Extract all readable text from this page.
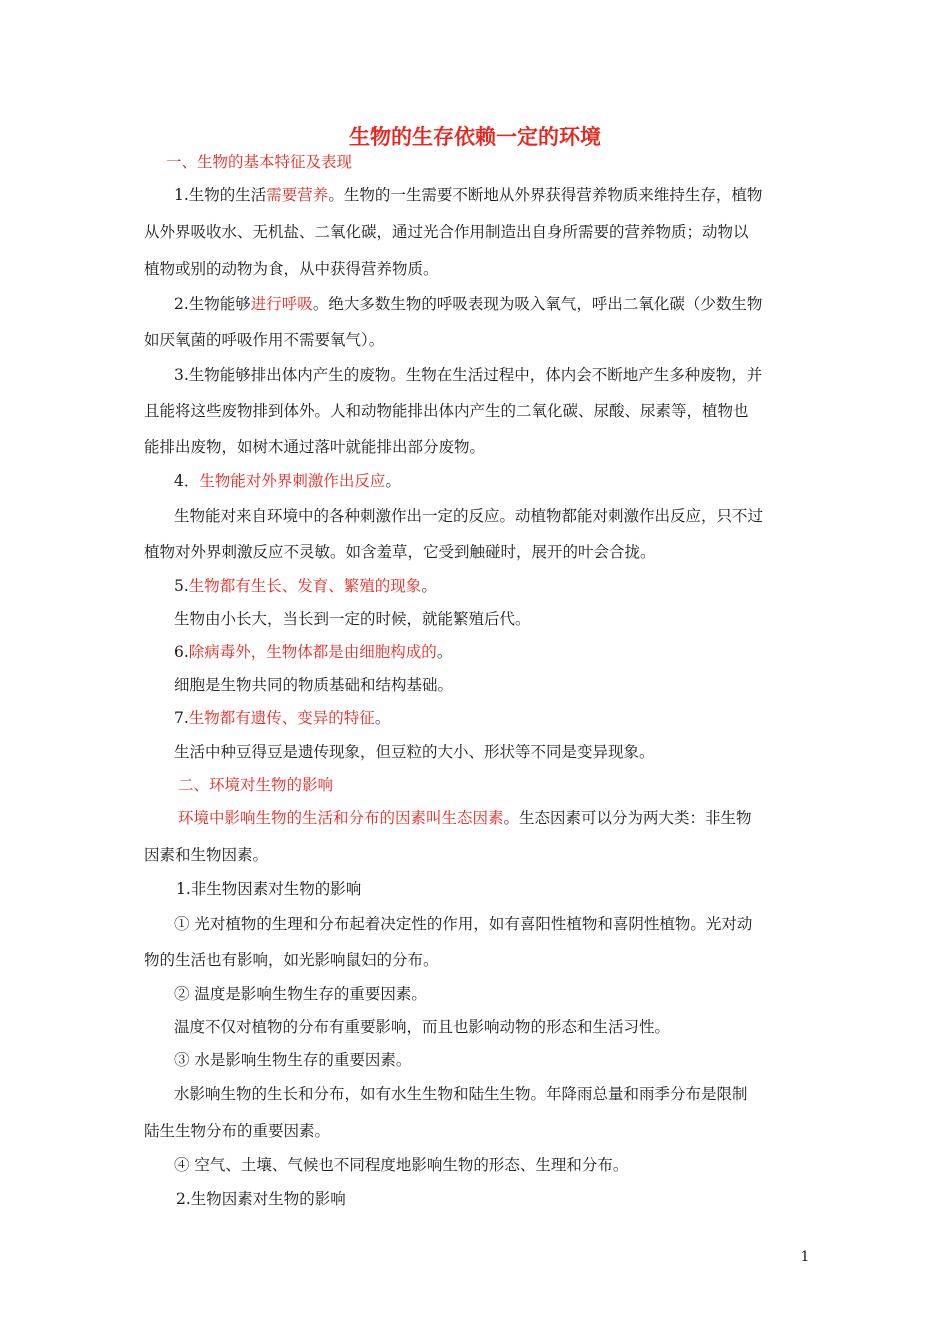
生物的生存依赖一定的环境
一、生物的基本特征及表现
1.生物的生活需要营养。生物的一生需要不断地从外界获得营养物质来维持生存，植物
从外界吸收水、无机盐、二氧化碳，通过光合作用制造出自身所需要的营养物质；动物以
植物或别的动物为食，从中获得营养物质。
2.生物能够进行呼吸。绝大多数生物的呼吸表现为吸入氧气，呼出二氧化碳（少数生物
如厌氧菌的呼吸作用不需要氧气）。
3.生物能够排出体内产生的废物。生物在生活过程中，体内会不断地产生多种废物，并
且能将这些废物排到体外。人和动物能排出体内产生的二氧化碳、尿酸、尿素等，植物也
能排出废物，如树木通过落叶就能排出部分废物。
4．生物能对外界刺激作出反应。
生物能对来自环境中的各种刺激作出一定的反应。动植物都能对刺激作出反应，只不过
植物对外界刺激反应不灵敏。如含羞草，它受到触碰时，展开的叶会合拢。
5.生物都有生长、发育、繁殖的现象。
生物由小长大，当长到一定的时候，就能繁殖后代。
6.除病毒外，生物体都是由细胞构成的。
细胞是生物共同的物质基础和结构基础。
7.生物都有遗传、变异的特征。
生活中种豆得豆是遗传现象，但豆粒的大小、形状等不同是变异现象。
二、环境对生物的影响
环境中影响生物的生活和分布的因素叫生态因素。生态因素可以分为两大类：非生物
因素和生物因素。
1.非生物因素对生物的影响
① 光对植物的生理和分布起着决定性的作用，如有喜阳性植物和喜阴性植物。光对动
物的生活也有影响，如光影响鼠妇的分布。
② 温度是影响生物生存的重要因素。
温度不仅对植物的分布有重要影响，而且也影响动物的形态和生活习性。
③ 水是影响生物生存的重要因素。
水影响生物的生长和分布，如有水生生物和陆生生物。年降雨总量和雨季分布是限制
陆生生物分布的重要因素。
④ 空气、土壤、气候也不同程度地影响生物的形态、生理和分布。
2.生物因素对生物的影响
1
